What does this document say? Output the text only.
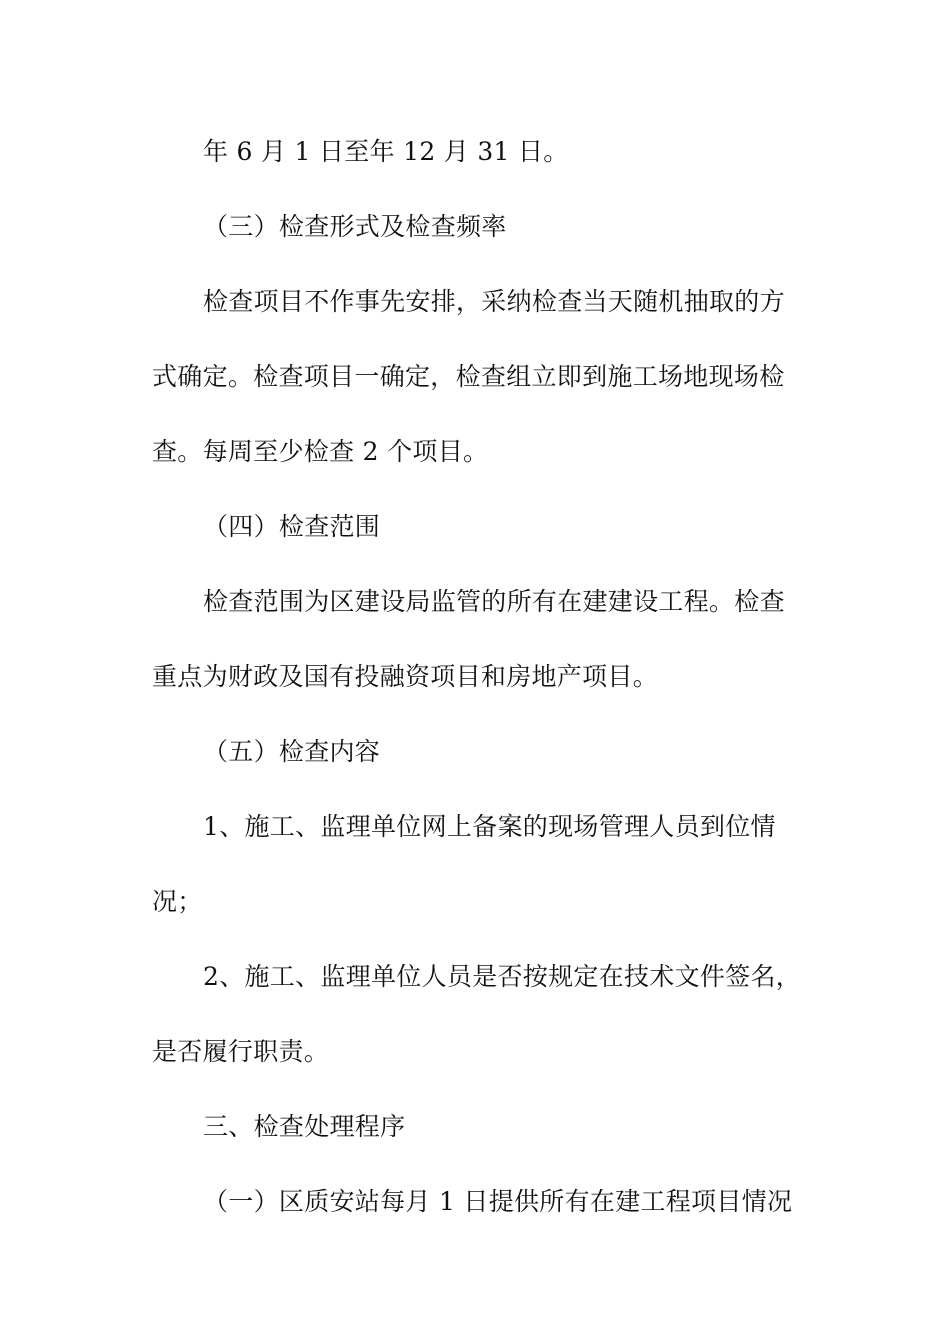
年 6 月 1 日至年 12 月 31 日。
（三）检查形式及检查频率
检查项目不作事先安排，采纳检查当天随机抽取的方
式确定。检查项目一确定，检查组立即到施工场地现场检
查。每周至少检查 2 个项目。
（四）检查范围
检查范围为区建设局监管的所有在建建设工程。检查
重点为财政及国有投融资项目和房地产项目。
（五）检查内容
1、施工、监理单位网上备案的现场管理人员到位情
况；
2、施工、监理单位人员是否按规定在技术文件签名，
是否履行职责。
三、检查处理程序
（一）区质安站每月 1 日提供所有在建工程项目情况
